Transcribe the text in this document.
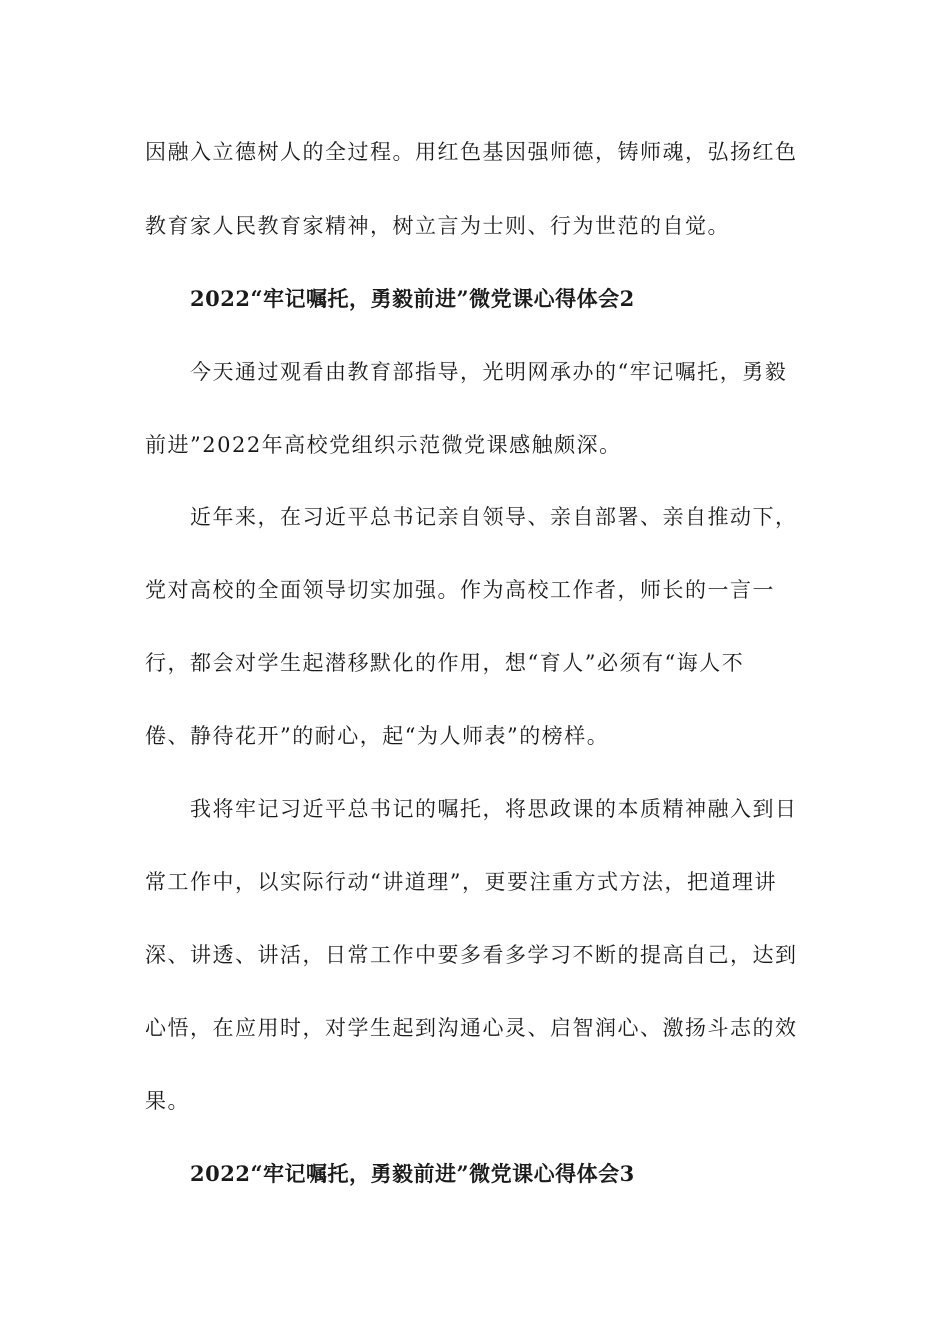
因融入立德树人的全过程。用红色基因强师德，铸师魂，弘扬红色
教育家人民教育家精神，树立言为士则、行为世范的自觉。
2022“牢记嘱托，勇毅前进”微党课心得体会2
今天通过观看由教育部指导，光明网承办的“牢记嘱托，勇毅
前进”2022年高校党组织示范微党课感触颇深。
近年来，在习近平总书记亲自领导、亲自部署、亲自推动下，
党对高校的全面领导切实加强。作为高校工作者，师长的一言一
行，都会对学生起潜移默化的作用，想“育人”必须有“诲人不
倦、静待花开”的耐心，起“为人师表”的榜样。
我将牢记习近平总书记的嘱托，将思政课的本质精神融入到日
常工作中，以实际行动“讲道理”，更要注重方式方法，把道理讲
深、讲透、讲活，日常工作中要多看多学习不断的提高自己，达到
心悟，在应用时，对学生起到沟通心灵、启智润心、激扬斗志的效
果。
2022“牢记嘱托，勇毅前进”微党课心得体会3
